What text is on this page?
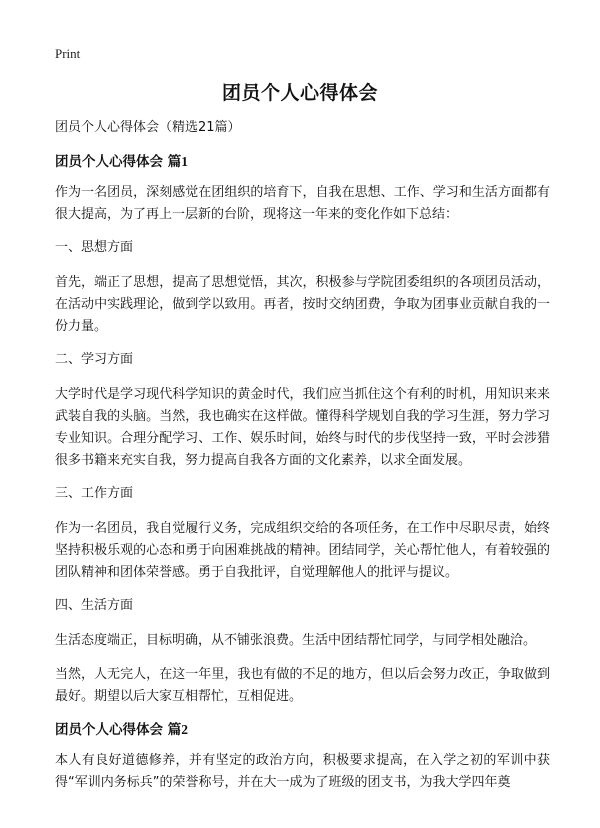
Print
团员个人心得体会
团员个人心得体会（精选21篇）
团员个人心得体会 篇1

作为一名团员，深刻感觉在团组织的培育下，自我在思想、工作、学习和生活方面都有很大提高，为了再上一层新的台阶，现将这一年来的变化作如下总结：

一、思想方面

首先，端正了思想，提高了思想觉悟，其次，积极参与学院团委组织的各项团员活动，在活动中实践理论，做到学以致用。再者，按时交纳团费，争取为团事业贡献自我的一份力量。

二、学习方面

大学时代是学习现代科学知识的黄金时代，我们应当抓住这个有利的时机，用知识来来武装自我的头脑。当然，我也确实在这样做。懂得科学规划自我的学习生涯，努力学习专业知识。合理分配学习、工作、娱乐时间，始终与时代的步伐坚持一致，平时会涉猎很多书籍来充实自我，努力提高自我各方面的文化素养，以求全面发展。

三、工作方面

作为一名团员，我自觉履行义务，完成组织交给的各项任务，在工作中尽职尽责，始终坚持积极乐观的心态和勇于向困难挑战的精神。团结同学，关心帮忙他人，有着较强的团队精神和团体荣誉感。勇于自我批评，自觉理解他人的批评与提议。

四、生活方面

生活态度端正，目标明确，从不铺张浪费。生活中团结帮忙同学，与同学相处融洽。

当然，人无完人，在这一年里，我也有做的不足的地方，但以后会努力改正，争取做到最好。期望以后大家互相帮忙，互相促进。

团员个人心得体会 篇2

本人有良好道德修养，并有坚定的政治方向，积极要求提高，在入学之初的军训中获得“军训内务标兵”的荣誉称号，并在大一成为了班级的团支书，为我大学四年奠
